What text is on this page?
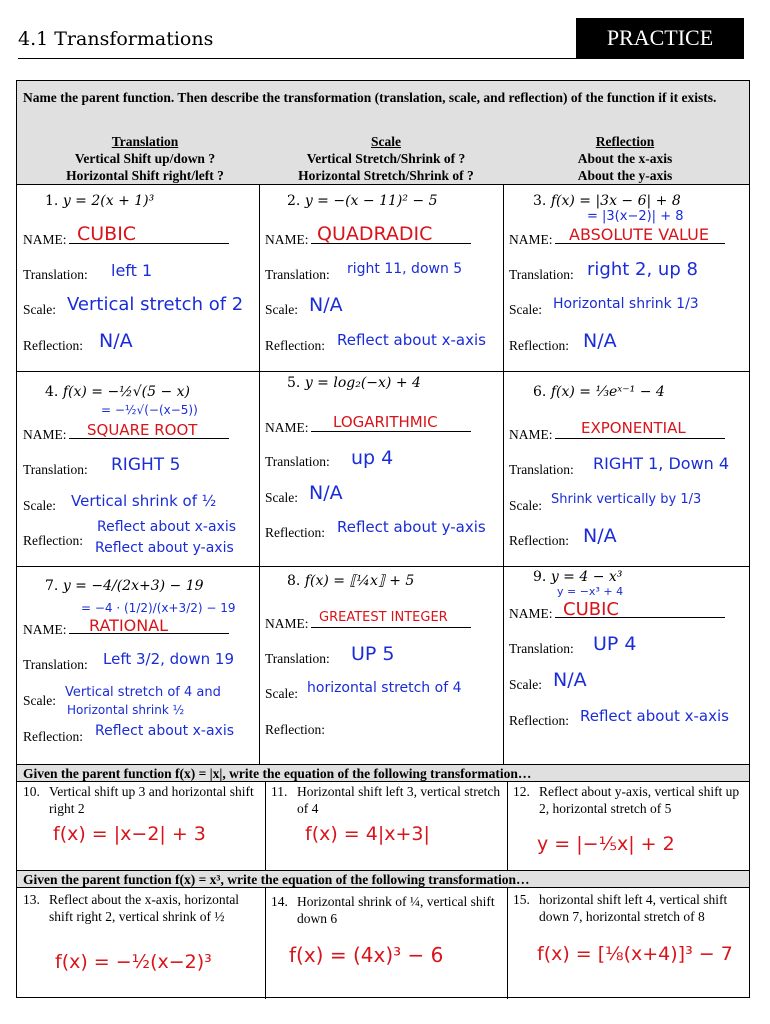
4.1 Transformations	PRACTICE
Name the parent function. Then describe the transformation (translation, scale, and reflection) of the function if it exists.
Translation
Vertical Shift up/down ?
Horizontal Shift right/left ?
Scale
Vertical Stretch/Shrink of ?
Horizontal Stretch/Shrink of ?
Reflection
About the x-axis
About the y-axis
1. y = 2(x + 1)³
NAME: CUBIC
Translation: left 1
Scale: Vertical stretch of 2
Reflection: N/A
2. y = −(x − 11)² − 5
NAME: QUADRADIC
Translation: right 11, down 5
Scale: N/A
Reflection: Reflect about x-axis
3. f(x) = |3x − 6| + 8
= |3(x−2)| + 8
NAME:	ABSOLUTE VALUE
Translation: right 2, up 8
Scale: Horizontal shrink 1/3
Reflection: N/A
4. f(x) = −½√(5 − x)
= −½√(−(x−5))
NAME:	SQUARE ROOT
Translation: RIGHT 5
Scale: Vertical shrink of ½
Reflection:
Reflect about x-axis
Reflect about y-axis
5. y = log₂(−x) + 4
NAME:	LOGARITHMIC
Translation: up 4
Scale: N/A
Reflection: Reflect about y-axis
6. f(x) = ⅓eˣ⁻¹ − 4
NAME:	EXPONENTIAL
Translation: RIGHT 1, Down 4
Scale: Shrink vertically by 1/3
Reflection: N/A
7. y = −4/(2x+3) − 19
= −4 · (1/2)/(x+3/2) − 19
NAME:	RATIONAL
Translation: Left 3/2, down 19
Scale:
Vertical stretch of 4 and
Horizontal shrink ½
Reflection: Reflect about x-axis
8. f(x) = ⟦¼x⟧ + 5
NAME: GREATEST INTEGER
Translation: UP 5
Scale: horizontal stretch of 4
Reflection:
9. y = 4 − x³
y = −x³ + 4
NAME: CUBIC
Translation: UP 4
Scale: N/A
Reflection: Reflect about x-axis
Given the parent function f(x) = |x|, write the equation of the following transformation…
10. Vertical shift up 3 and horizontal shift right 2
f(x) = |x−2| + 3
11. Horizontal shift left 3, vertical stretch of 4
f(x) = 4|x+3|
12. Reflect about y-axis, vertical shift up 2, horizontal stretch of 5
y = |−⅕x| + 2
Given the parent function f(x) = x³, write the equation of the following transformation…
13. Reflect about the x-axis, horizontal shift right 2, vertical shrink of ½
f(x) = −½(x−2)³
14. Horizontal shrink of ¼, vertical shift down 6
f(x) = (4x)³ − 6
15. horizontal shift left 4, vertical shift down 7, horizontal stretch of 8
f(x) = [⅛(x+4)]³ − 7
